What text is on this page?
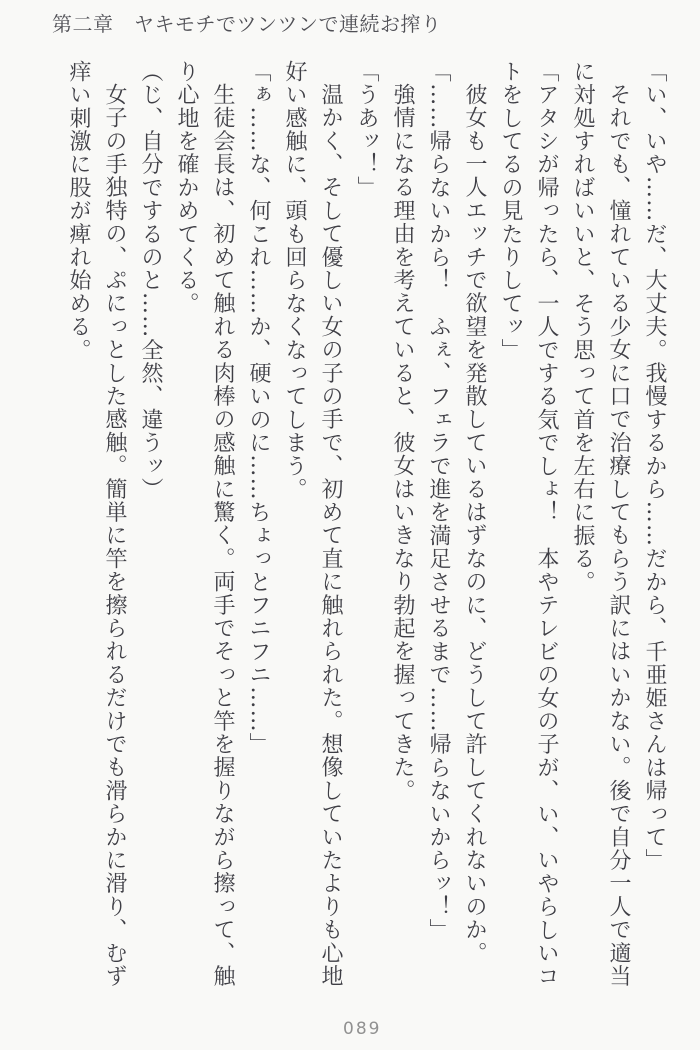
第二章　ヤキモチでツンツンで連続お搾り
「い、いや……だ、大丈夫。我慢するから……だから、千亜姫さんは帰って」
それでも、憧れている少女に口で治療してもらう訳にはいかない。後で自分一人で適当
に対処すればいいと、そう思って首を左右に振る。
「アタシが帰ったら、一人でする気でしょ！　本やテレビの女の子が、い、いやらしいコ
トをしてるの見たりしてッ」
彼女も一人エッチで欲望を発散しているはずなのに、どうして許してくれないのか。
「……帰らないから！　ふぇ、フェラで進を満足させるまで……帰らないからッ！」
強情になる理由を考えていると、彼女はいきなり勃起を握ってきた。
「うあッ！」
温かく、そして優しい女の子の手で、初めて直に触れられた。想像していたよりも心地
好い感触に、頭も回らなくなってしまう。
「ぁ……な、何これ……か、硬いのに……ちょっとフニフニ……」
生徒会長は、初めて触れる肉棒の感触に驚く。両手でそっと竿を握りながら擦って、触
り心地を確かめてくる。
（じ、自分でするのと……全然、違うッ）
女子の手独特の、ぷにっとした感触。簡単に竿を擦られるだけでも滑らかに滑り、むず
痒い刺激に股が痺れ始める。
089
